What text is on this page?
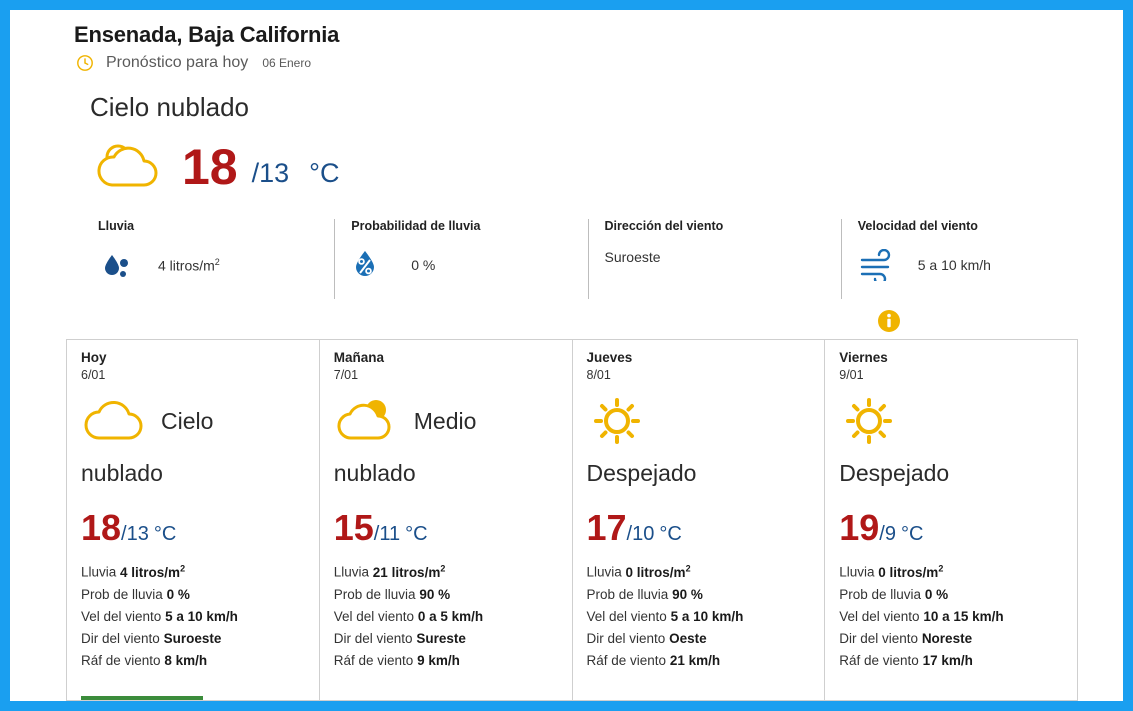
Ensenada, Baja California
Pronóstico para hoy 06 Enero
Cielo nublado
18 /13 °C
Lluvia
4 litros/$m^2$
Probabilidad de lluvia
0 %
Dirección del viento
Suroeste
Velocidad del viento
5 a 10 km/h
Hoy
6/01
Cielo
nublado
18/13 °C
Lluvia 4 litros/$m^2$
Prob de lluvia 0 %
Vel del viento 5 a 10 km/h
Dir del viento Suroeste
Ráf de viento 8 km/h
Mañana
7/01
Medio
nublado
15/11 °C
Lluvia 21 litros/$m^2$
Prob de lluvia 90 %
Vel del viento 0 a 5 km/h
Dir del viento Sureste
Ráf de viento 9 km/h
Jueves
8/01
Despejado
17/10 °C
Lluvia 0 litros/$m^2$
Prob de lluvia 90 %
Vel del viento 5 a 10 km/h
Dir del viento Oeste
Ráf de viento 21 km/h
Viernes
9/01
Despejado
19/9 °C
Lluvia 0 litros/$m^2$
Prob de lluvia 0 %
Vel del viento 10 a 15 km/h
Dir del viento Noreste
Ráf de viento 17 km/h
